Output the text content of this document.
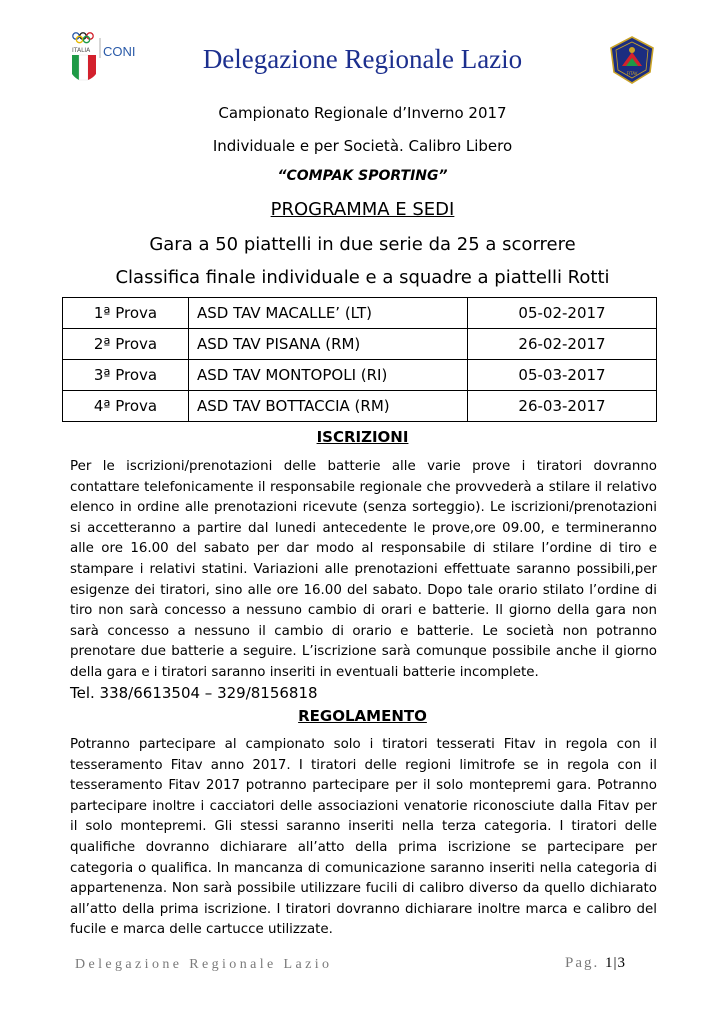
ITALIA CONI	Delegazione Regionale Lazio	FITAV
Campionato Regionale d’Inverno 2017
Individuale e per Società. Calibro Libero
“COMPAK SPORTING”
PROGRAMMA E SEDI
Gara a 50 piattelli in due serie da 25 a scorrere
Classifica finale individuale e a squadre a piattelli Rotti
1ª Prova	ASD TAV MACALLE’ (LT)	05-02-2017
2ª Prova	ASD TAV PISANA (RM)	26-02-2017
3ª Prova	ASD TAV MONTOPOLI (RI)	05-03-2017
4ª Prova	ASD TAV BOTTACCIA (RM)	26-03-2017
ISCRIZIONI
Per le iscrizioni/prenotazioni delle batterie alle varie prove i tiratori dovranno contattare telefonicamente il responsabile regionale che provvederà a stilare il relativo elenco in ordine alle prenotazioni ricevute (senza sorteggio). Le iscrizioni/prenotazioni si accetteranno a partire dal lunedi antecedente le prove,ore 09.00, e termineranno alle ore 16.00 del sabato per dar modo al responsabile di stilare l’ordine di tiro e stampare i relativi statini. Variazioni alle prenotazioni effettuate saranno possibili,per esigenze dei tiratori, sino alle ore 16.00 del sabato. Dopo tale orario stilato l’ordine di tiro non sarà concesso a nessuno cambio di orari e batterie. Il giorno della gara non sarà concesso a nessuno il cambio di orario e batterie. Le società non potranno prenotare due batterie a seguire. L’iscrizione sarà comunque possibile anche il giorno della gara e i tiratori saranno inseriti in eventuali batterie incomplete.
Tel. 338/6613504 – 329/8156818
REGOLAMENTO
Potranno partecipare al campionato solo i tiratori tesserati Fitav in regola con il tesseramento Fitav anno 2017. I tiratori delle regioni limitrofe se in regola con il tesseramento Fitav 2017 potranno partecipare per il solo montepremi gara. Potranno partecipare inoltre i cacciatori delle associazioni venatorie riconosciute dalla Fitav per il solo montepremi. Gli stessi saranno inseriti nella terza categoria. I tiratori delle qualifiche dovranno dichiarare all’atto della prima iscrizione se partecipare per categoria o qualifica. In mancanza di comunicazione saranno inseriti nella categoria di appartenenza. Non sarà possibile utilizzare fucili di calibro diverso da quello dichiarato all’atto della prima iscrizione. I tiratori dovranno dichiarare inoltre marca e calibro del fucile e marca delle cartucce utilizzate.
Delegazione Regionale Lazio	Pag. 1|3
